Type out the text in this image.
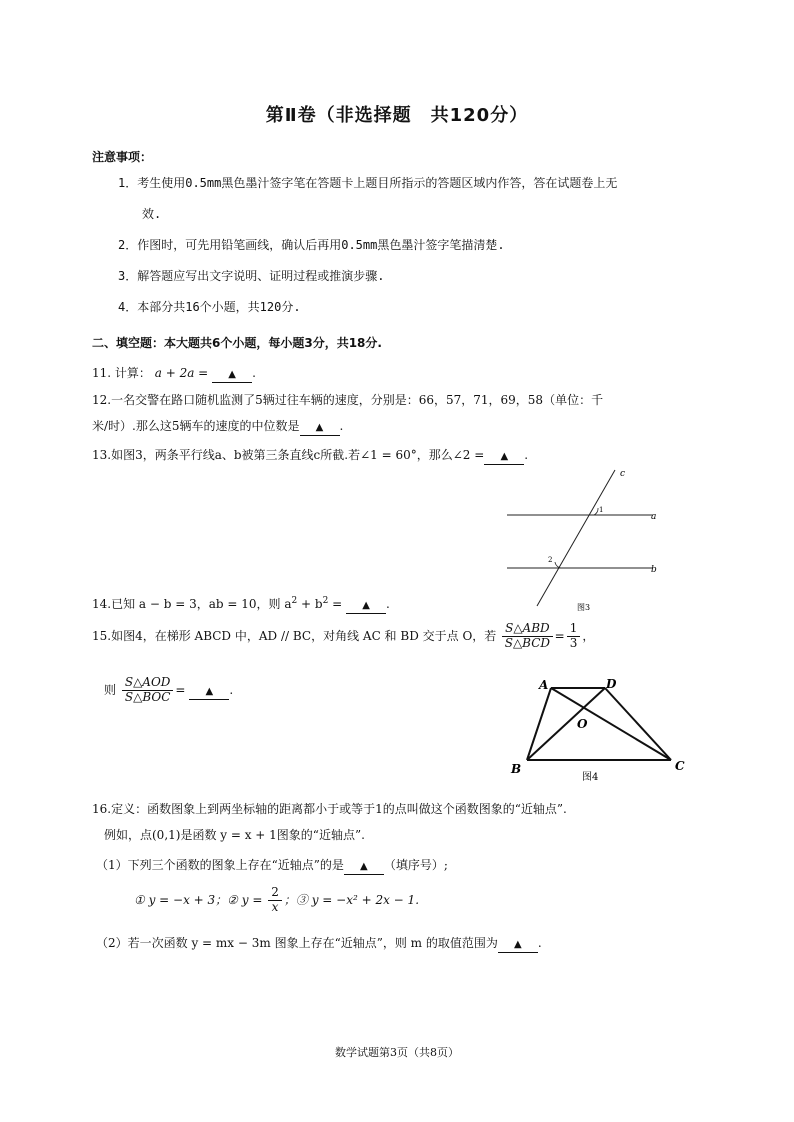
第Ⅱ卷（非选择题　共120分）
注意事项：
1．考生使用0.5mm黑色墨汁签字笔在答题卡上题目所指示的答题区域内作答，答在试题卷上无
效.
2．作图时，可先用铅笔画线，确认后再用0.5mm黑色墨汁签字笔描清楚.
3．解答题应写出文字说明、证明过程或推演步骤.
4．本部分共16个小题，共120分.
二、填空题：本大题共6个小题，每小题3分，共18分.
11. 计算： a + 2a = ▲ .
12.一名交警在路口随机监测了5辆过往车辆的速度，分别是：66，57，71，69，58（单位：千
米/时）.那么这5辆车的速度的中位数是 ▲ .
13.如图3，两条平行线a、b被第三条直线c所截.若∠1 = 60°，那么∠2 = ▲ .
c
a
b
1
2
图3
14.已知 a − b = 3，ab = 10，则 $a^2 + b^2$ = ▲ .
15.如图4，在梯形 ABCD 中，AD // BC，对角线 AC 和 BD 交于点 O，若 $\frac{\text{S△ABD}}{\text{S△BCD}} = \frac{1}{3}$ ，
则 $\frac{\text{S△AOD}}{\text{S△BOC}}$ = ▲ .	A	D
O
B	C
图4
16.定义：函数图象上到两坐标轴的距离都小于或等于1的点叫做这个函数图象的“近轴点”.
例如，点(0,1)是函数 y = x + 1图象的“近轴点”.
（1）下列三个函数的图象上存在“近轴点”的是 ▲ （填序号）;
① y = −x + 3；② $y = \frac{2}{x}$ ；③ y = −x² + 2x − 1.
（2）若一次函数 y = mx − 3m 图象上存在“近轴点”，则 m 的取值范围为 ▲ .
数学试题第3页（共8页）
